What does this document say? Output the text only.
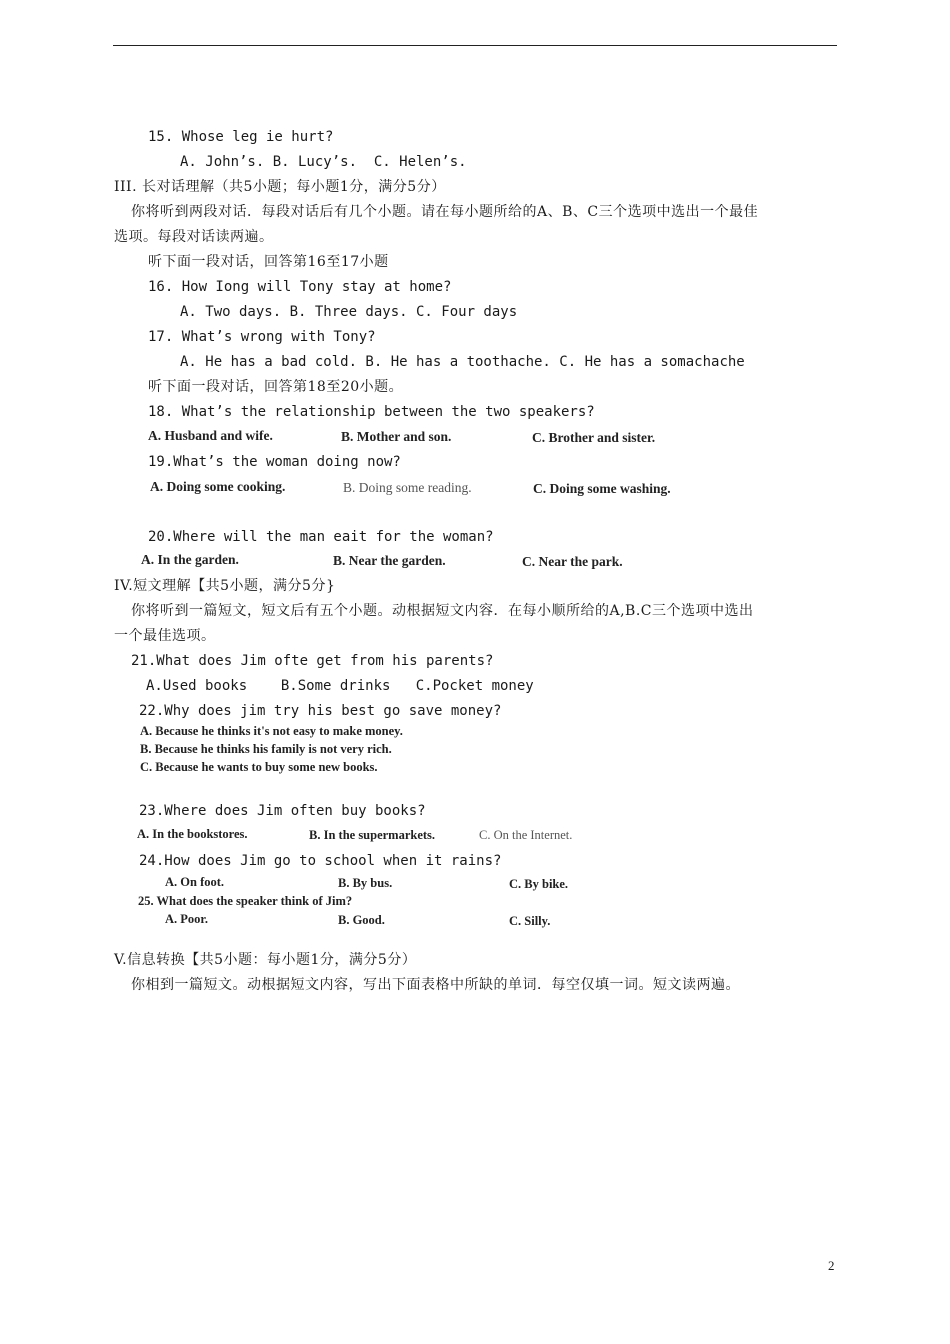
15. Whose leg ie hurt?
A. John’s. B. Lucy’s.  C. Helen’s.
III. 长对话理解（共5小题；每小题1分，满分5分）
你将听到两段对话．每段对话后有几个小题。请在每小题所给的A、B、C三个选项中选出一个最佳
选项。每段对话读两遍。
听下面一段对话，回答第16至17小题
16. How Iong will Tony stay at home?
A. Two days. B. Three days. C. Four days
17. What’s wrong with Tony?
A. He has a bad cold. B. He has a toothache. C. He has a somachache
听下面一段对话，回答第18至20小题。
18. What’s the relationship between the two speakers?
A. Husband and wife.	B. Mother and son.	C. Brother and sister.
19.What’s the woman doing now?
A. Doing some cooking.	B. Doing some reading.	C. Doing some washing.
20.Where will the man eait for the woman?
A. In the garden.	B. Near the garden.	C. Near the park.
IV.短文理解【共5小题，满分5分}
你将听到一篇短文，短文后有五个小题。动根据短文内容．在每小顺所给的A,B.C三个选项中选出
一个最佳选项。
21.What does Jim ofte get from his parents?
A.Used books    B.Some drinks   C.Pocket money
22.Why does jim try his best go save money?
A. Because he thinks it's not easy to make money.
B. Because he thinks his family is not very rich.
C. Because he wants to buy some new books.
23.Where does Jim often buy books?
A. In the bookstores.	B. In the supermarkets.	C. On the Internet.
24.How does Jim go to school when it rains?
A. On foot.	B. By bus.	C. By bike.
25. What does the speaker think of Jim?
A. Poor.	B. Good.	C. Silly.
V.信息转换【共5小题：每小题1分，满分5分）
你相到一篇短文。动根据短文内容，写出下面表格中所缺的单词．每空仅填一词。短文读两遍。
2
